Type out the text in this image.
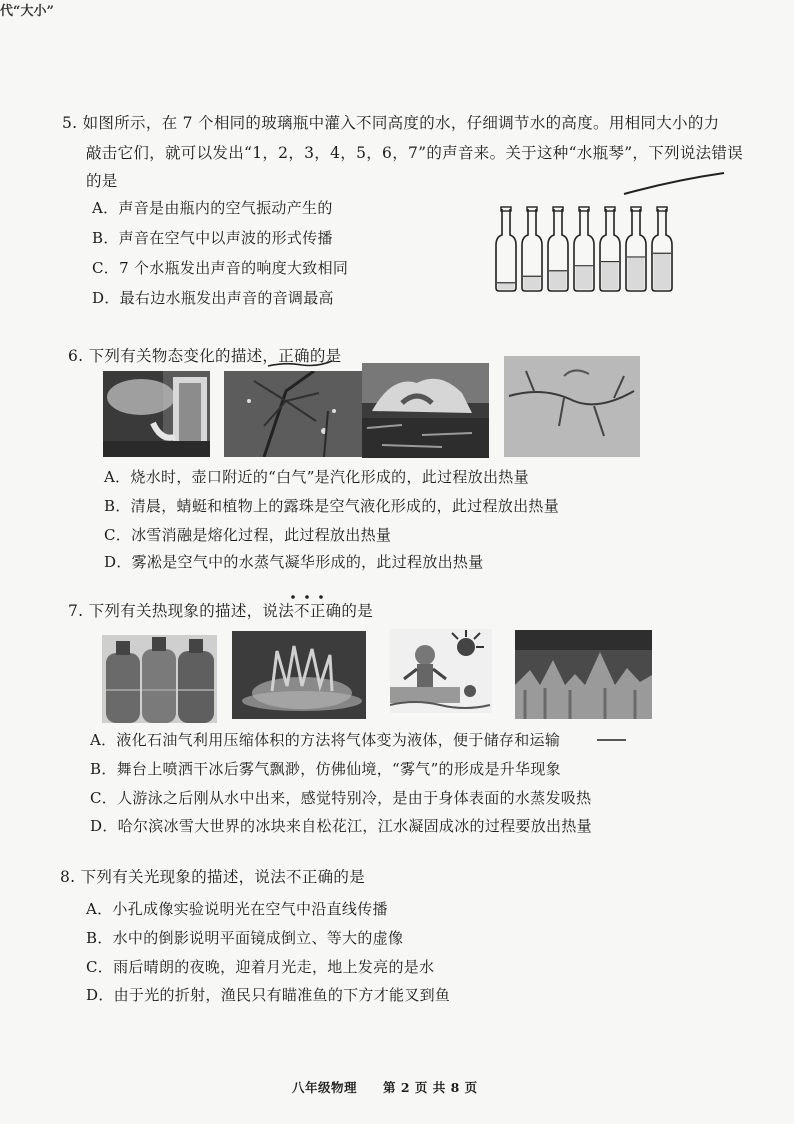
代“大小”
5. 如图所示，在 7 个相同的玻璃瓶中灌入不同高度的水，仔细调节水的高度。用相同大小的力
敲击它们，就可以发出“1，2，3，4，5，6，7”的声音来。关于这种“水瓶琴”，下列说法错误
的是
A．声音是由瓶内的空气振动产生的
B．声音在空气中以声波的形式传播
C．7 个水瓶发出声音的响度大致相同
D．最右边水瓶发出声音的音调最高
6. 下列有关物态变化的描述，正确的是
A．烧水时，壶口附近的“白气”是汽化形成的，此过程放出热量
B．清晨，蜻蜓和植物上的露珠是空气液化形成的，此过程放出热量
C．冰雪消融是熔化过程，此过程放出热量
D．雾凇是空气中的水蒸气凝华形成的，此过程放出热量
7. 下列有关热现象的描述，说法不正确的是
A．液化石油气利用压缩体积的方法将气体变为液体，便于储存和运输
B．舞台上喷洒干冰后雾气飘渺，仿佛仙境，“雾气”的形成是升华现象
C．人游泳之后刚从水中出来，感觉特别冷，是由于身体表面的水蒸发吸热
D．哈尔滨冰雪大世界的冰块来自松花江，江水凝固成冰的过程要放出热量
8. 下列有关光现象的描述，说法不正确的是
A．小孔成像实验说明光在空气中沿直线传播
B．水中的倒影说明平面镜成倒立、等大的虚像
C．雨后晴朗的夜晚，迎着月光走，地上发亮的是水
D．由于光的折射，渔民只有瞄准鱼的下方才能叉到鱼
八年级物理　　第 2 页 共 8 页
